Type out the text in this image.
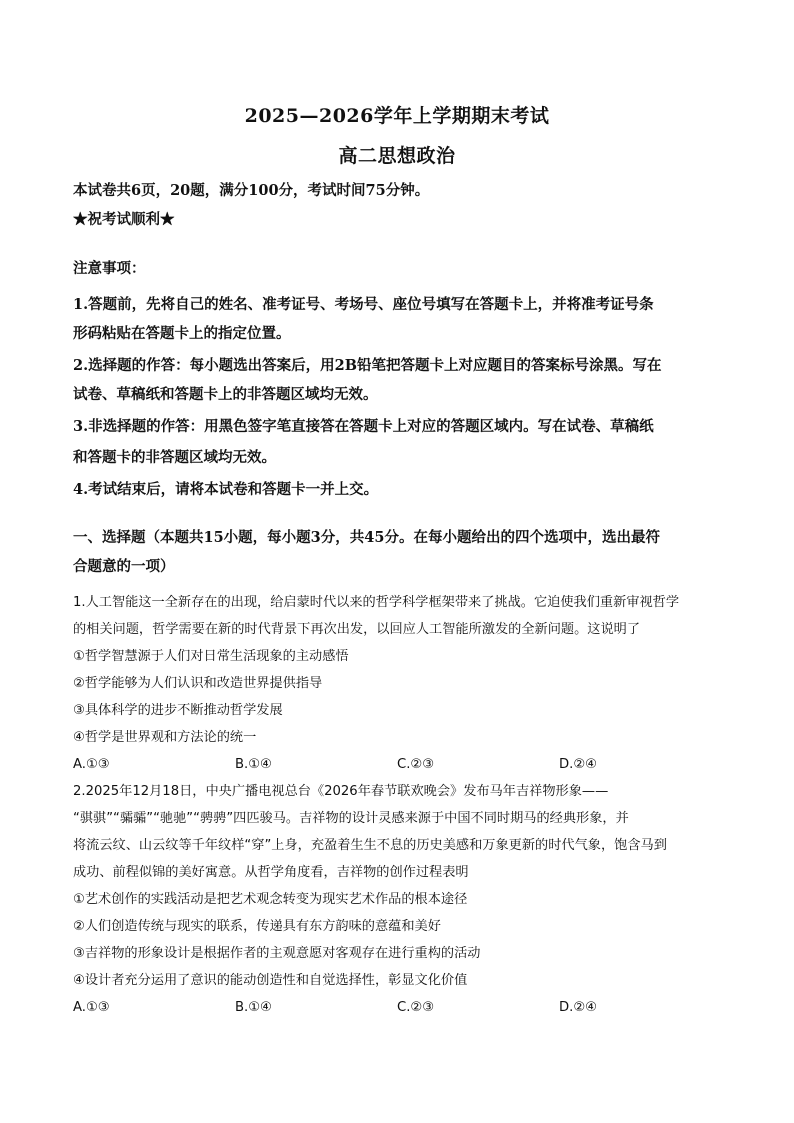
2025—2026学年上学期期末考试
高二思想政治
本试卷共6页，20题，满分100分，考试时间75分钟。
★祝考试顺利★
注意事项：
1.答题前，先将自己的姓名、准考证号、考场号、座位号填写在答题卡上，并将准考证号条
形码粘贴在答题卡上的指定位置。
2.选择题的作答：每小题选出答案后，用2B铅笔把答题卡上对应题目的答案标号涂黑。写在
试卷、草稿纸和答题卡上的非答题区域均无效。
3.非选择题的作答：用黑色签字笔直接答在答题卡上对应的答题区域内。写在试卷、草稿纸
和答题卡的非答题区域均无效。
4.考试结束后，请将本试卷和答题卡一并上交。
一、选择题（本题共15小题，每小题3分，共45分。在每小题给出的四个选项中，选出最符
合题意的一项）
1.人工智能这一全新存在的出现，给启蒙时代以来的哲学科学框架带来了挑战。它迫使我们重新审视哲学
的相关问题，哲学需要在新的时代背景下再次出发，以回应人工智能所激发的全新问题。这说明了
①哲学智慧源于人们对日常生活现象的主动感悟
②哲学能够为人们认识和改造世界提供指导
③具体科学的进步不断推动哲学发展
④哲学是世界观和方法论的统一
A.①③	B.①④	C.②③	D.②④
2.2025年12月18日，中央广播电视总台《2026年春节联欢晚会》发布马年吉祥物形象——
“骐骐”“骦骦”“驰驰”“骋骋”四匹骏马。吉祥物的设计灵感来源于中国不同时期马的经典形象，并
将流云纹、山云纹等千年纹样“穿”上身，充盈着生生不息的历史美感和万象更新的时代气象，饱含马到
成功、前程似锦的美好寓意。从哲学角度看，吉祥物的创作过程表明
①艺术创作的实践活动是把艺术观念转变为现实艺术作品的根本途径
②人们创造传统与现实的联系，传递具有东方韵味的意蕴和美好
③吉祥物的形象设计是根据作者的主观意愿对客观存在进行重构的活动
④设计者充分运用了意识的能动创造性和自觉选择性，彰显文化价值
A.①③	B.①④	C.②③	D.②④
